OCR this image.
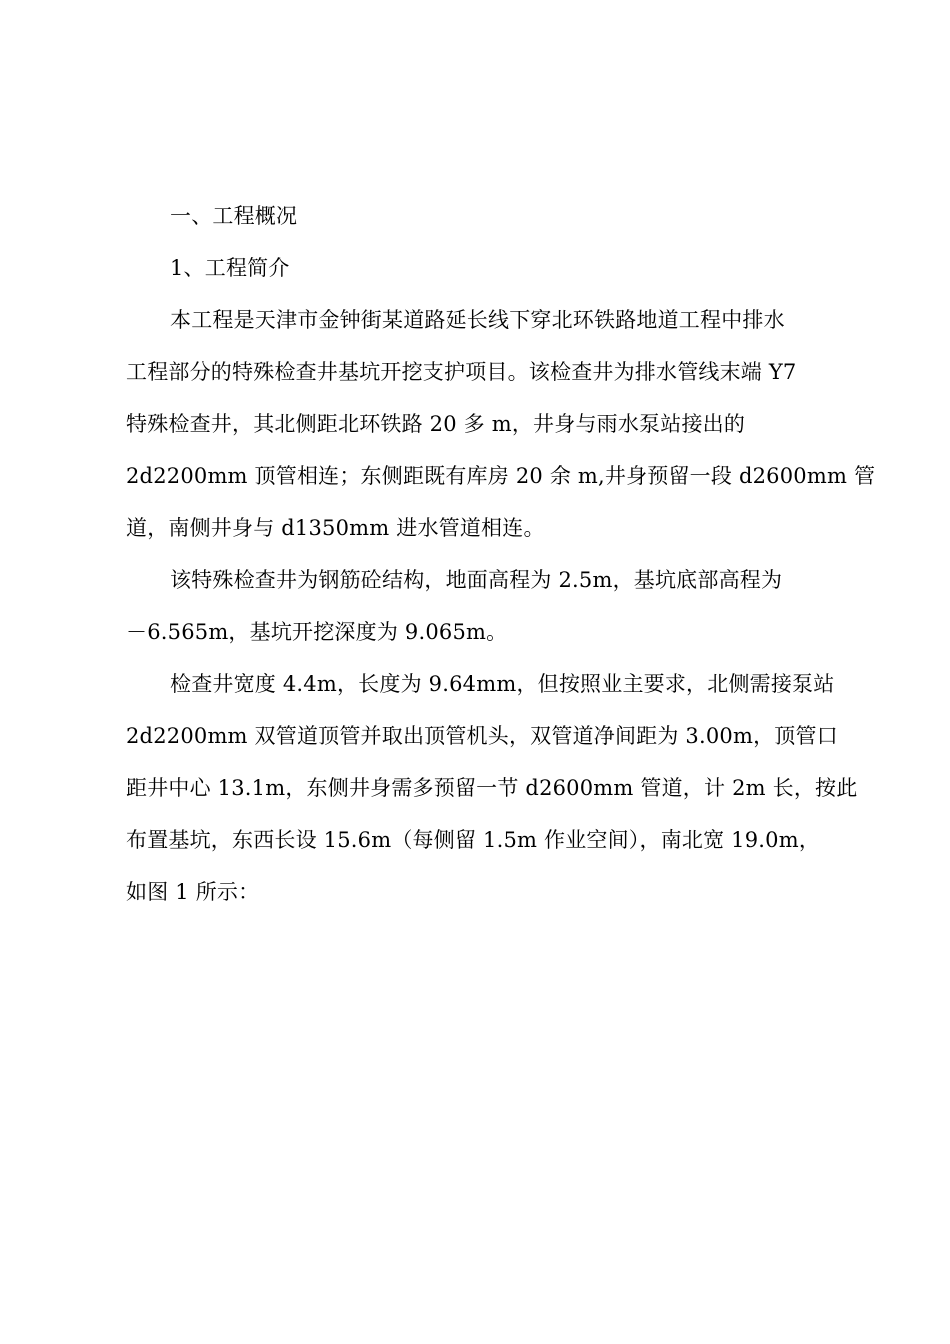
一、工程概况
1、工程简介
本工程是天津市金钟街某道路延长线下穿北环铁路地道工程中排水
工程部分的特殊检查井基坑开挖支护项目。该检查井为排水管线末端 Y7
特殊检查井，其北侧距北环铁路 20 多 m，井身与雨水泵站接出的
2d2200mm 顶管相连；东侧距既有库房 20 余 m,井身预留一段 d2600mm 管
道，南侧井身与 d1350mm 进水管道相连。
该特殊检查井为钢筋砼结构，地面高程为 2.5m，基坑底部高程为
－6.565m，基坑开挖深度为 9.065m。
检查井宽度 4.4m，长度为 9.64mm，但按照业主要求，北侧需接泵站
2d2200mm 双管道顶管并取出顶管机头，双管道净间距为 3.00m，顶管口
距井中心 13.1m，东侧井身需多预留一节 d2600mm 管道，计 2m 长，按此
布置基坑，东西长设 15.6m（每侧留 1.5m 作业空间），南北宽 19.0m，
如图 1 所示：
